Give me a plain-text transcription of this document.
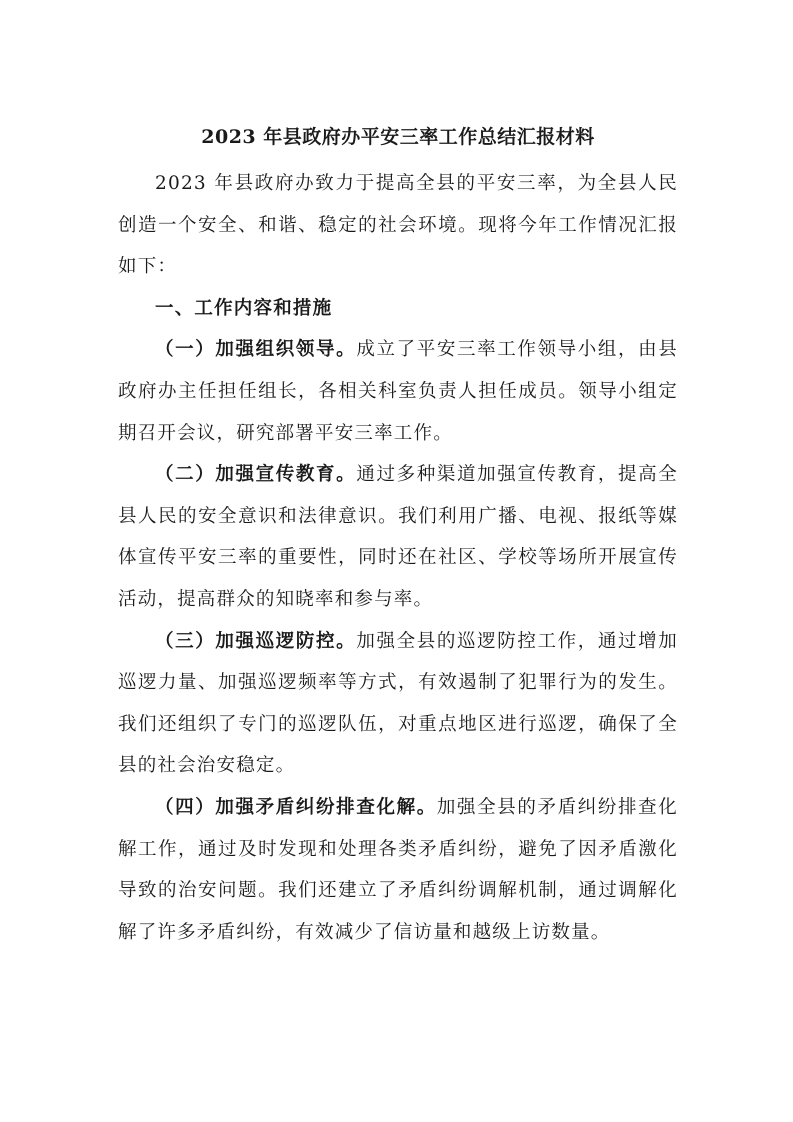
2023 年县政府办平安三率工作总结汇报材料

2023 年县政府办致力于提高全县的平安三率，为全县人民创造一个安全、和谐、稳定的社会环境。现将今年工作情况汇报如下：

一、工作内容和措施

（一）加强组织领导。成立了平安三率工作领导小组，由县政府办主任担任组长，各相关科室负责人担任成员。领导小组定期召开会议，研究部署平安三率工作。

（二）加强宣传教育。通过多种渠道加强宣传教育，提高全县人民的安全意识和法律意识。我们利用广播、电视、报纸等媒体宣传平安三率的重要性，同时还在社区、学校等场所开展宣传活动，提高群众的知晓率和参与率。

（三）加强巡逻防控。加强全县的巡逻防控工作，通过增加巡逻力量、加强巡逻频率等方式，有效遏制了犯罪行为的发生。我们还组织了专门的巡逻队伍，对重点地区进行巡逻，确保了全县的社会治安稳定。

（四）加强矛盾纠纷排查化解。加强全县的矛盾纠纷排查化解工作，通过及时发现和处理各类矛盾纠纷，避免了因矛盾激化导致的治安问题。我们还建立了矛盾纠纷调解机制，通过调解化解了许多矛盾纠纷，有效减少了信访量和越级上访数量。
